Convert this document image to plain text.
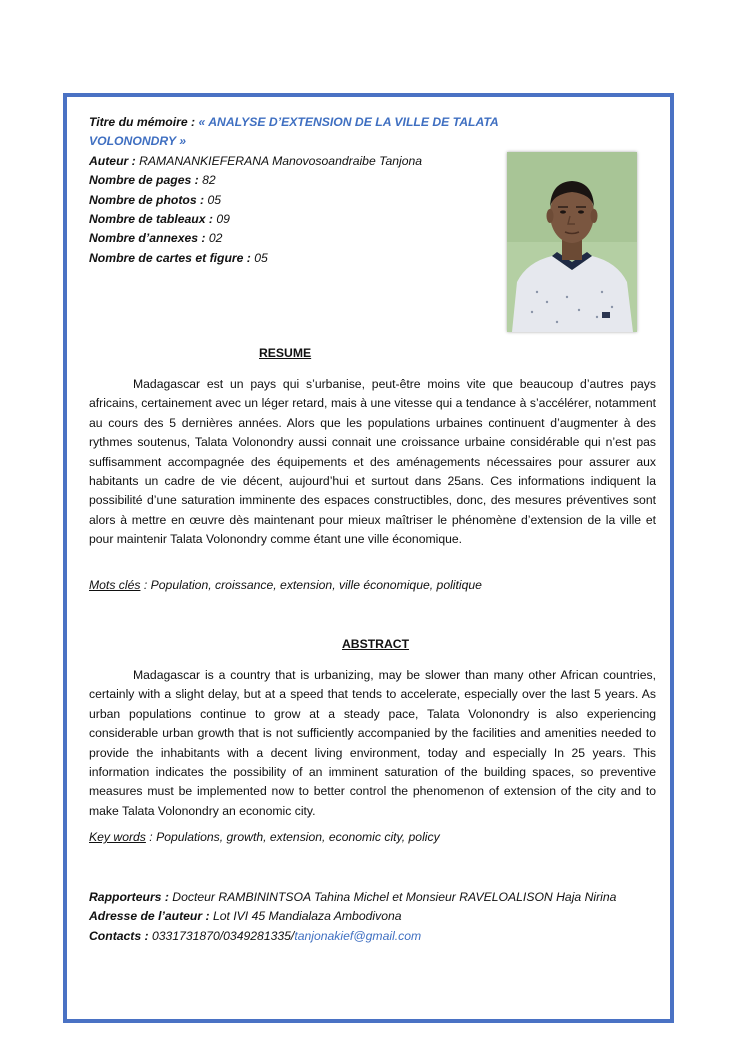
Titre du mémoire : « ANALYSE D’EXTENSION DE LA VILLE DE TALATA
VOLONONDRY »
Auteur : RAMANANKIEFERANA Manovosoandraibe Tanjona
Nombre de pages : 82
Nombre de photos : 05
Nombre de tableaux : 09
Nombre d’annexes : 02
Nombre de cartes et figure : 05
RESUME
Madagascar est un pays qui s’urbanise, peut-être moins vite que beaucoup d’autres pays africains, certainement avec un léger retard, mais à une vitesse qui a tendance à s’accélérer, notamment au cours des 5 dernières années. Alors que les populations urbaines continuent d’augmenter à des rythmes soutenus, Talata Volonondry aussi connait une croissance urbaine considérable qui n’est pas suffisamment accompagnée des équipements et des aménagements nécessaires pour assurer aux habitants un cadre de vie décent, aujourd’hui et surtout dans 25ans. Ces informations indiquent la possibilité d’une saturation imminente des espaces constructibles, donc, des mesures préventives sont alors à mettre en œuvre dès maintenant pour mieux maîtriser le phénomène d’extension de la ville et pour maintenir Talata Volonondry comme étant une ville économique.
Mots clés : Population, croissance, extension, ville économique, politique
ABSTRACT
Madagascar is a country that is urbanizing, may be slower than many other African countries, certainly with a slight delay, but at a speed that tends to accelerate, especially over the last 5 years. As urban populations continue to grow at a steady pace, Talata Volonondry is also experiencing considerable urban growth that is not sufficiently accompanied by the facilities and amenities needed to provide the inhabitants with a decent living environment, today and especially In 25 years. This information indicates the possibility of an imminent saturation of the building spaces, so preventive measures must be implemented now to better control the phenomenon of extension of the city and to make Talata Volonondry an economic city.
Key words : Populations, growth, extension, economic city, policy
Rapporteurs : Docteur RAMBININTSOA Tahina Michel et Monsieur RAVELOALISON Haja Nirina
Adresse de l’auteur : Lot IVI 45 Mandialaza Ambodivona
Contacts : 0331731870/0349281335/tanjonakief@gmail.com
